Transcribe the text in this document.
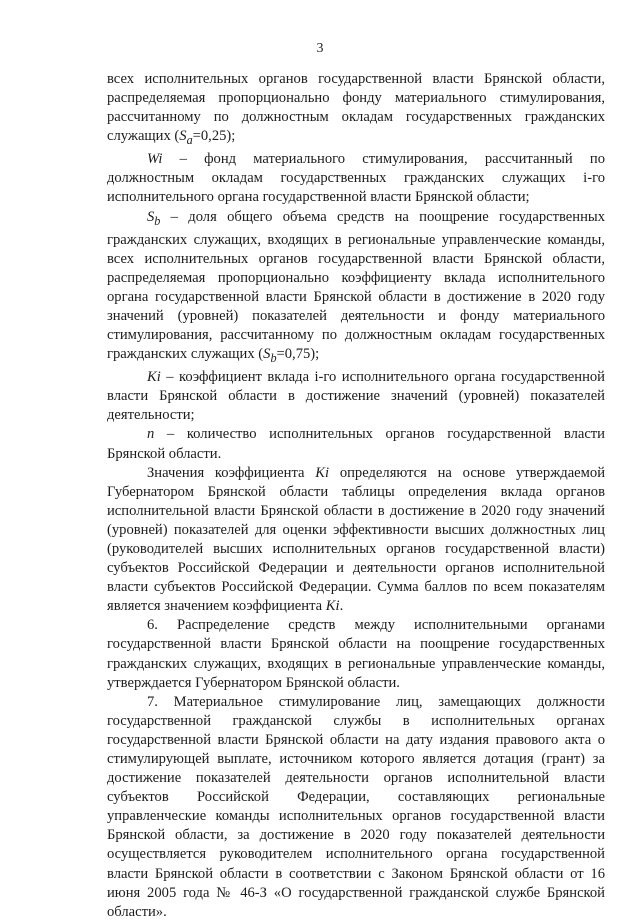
3

всех исполнительных органов государственной власти Брянской области, распределяемая пропорционально фонду материального стимулирования, рассчитанному по должностным окладам государственных гражданских служащих $(S_a=0,25)$;

Wi – фонд материального стимулирования, рассчитанный по должностным окладам государственных гражданских служащих i-го исполнительного органа государственной власти Брянской области;

$S_b$ – доля общего объема средств на поощрение государственных гражданских служащих, входящих в региональные управленческие команды, всех исполнительных органов государственной власти Брянской области, распределяемая пропорционально коэффициенту вклада исполнительного органа государственной власти Брянской области в достижение в 2020 году значений (уровней) показателей деятельности и фонду материального стимулирования, рассчитанному по должностным окладам государственных гражданских служащих $(S_b=0,75)$;

Ki – коэффициент вклада i-го исполнительного органа государственной власти Брянской области в достижение значений (уровней) показателей деятельности;

n – количество исполнительных органов государственной власти Брянской области.

Значения коэффициента Ki определяются на основе утверждаемой Губернатором Брянской области таблицы определения вклада органов исполнительной власти Брянской области в достижение в 2020 году значений (уровней) показателей для оценки эффективности высших должностных лиц (руководителей высших исполнительных органов государственной власти) субъектов Российской Федерации и деятельности органов исполнительной власти субъектов Российской Федерации. Сумма баллов по всем показателям является значением коэффициента Ki.

6. Распределение средств между исполнительными органами государственной власти Брянской области на поощрение государственных гражданских служащих, входящих в региональные управленческие команды, утверждается Губернатором Брянской области.

7. Материальное стимулирование лиц, замещающих должности государственной гражданской службы в исполнительных органах государственной власти Брянской области на дату издания правового акта о стимулирующей выплате, источником которого является дотация (грант) за достижение показателей деятельности органов исполнительной власти субъектов Российской Федерации, составляющих региональные управленческие команды исполнительных органов государственной власти Брянской области, за достижение в 2020 году показателей деятельности осуществляется руководителем исполнительного органа государственной власти Брянской области в соответствии с Законом Брянской области от 16 июня 2005 года № 46-З «О государственной гражданской службе Брянской области».
